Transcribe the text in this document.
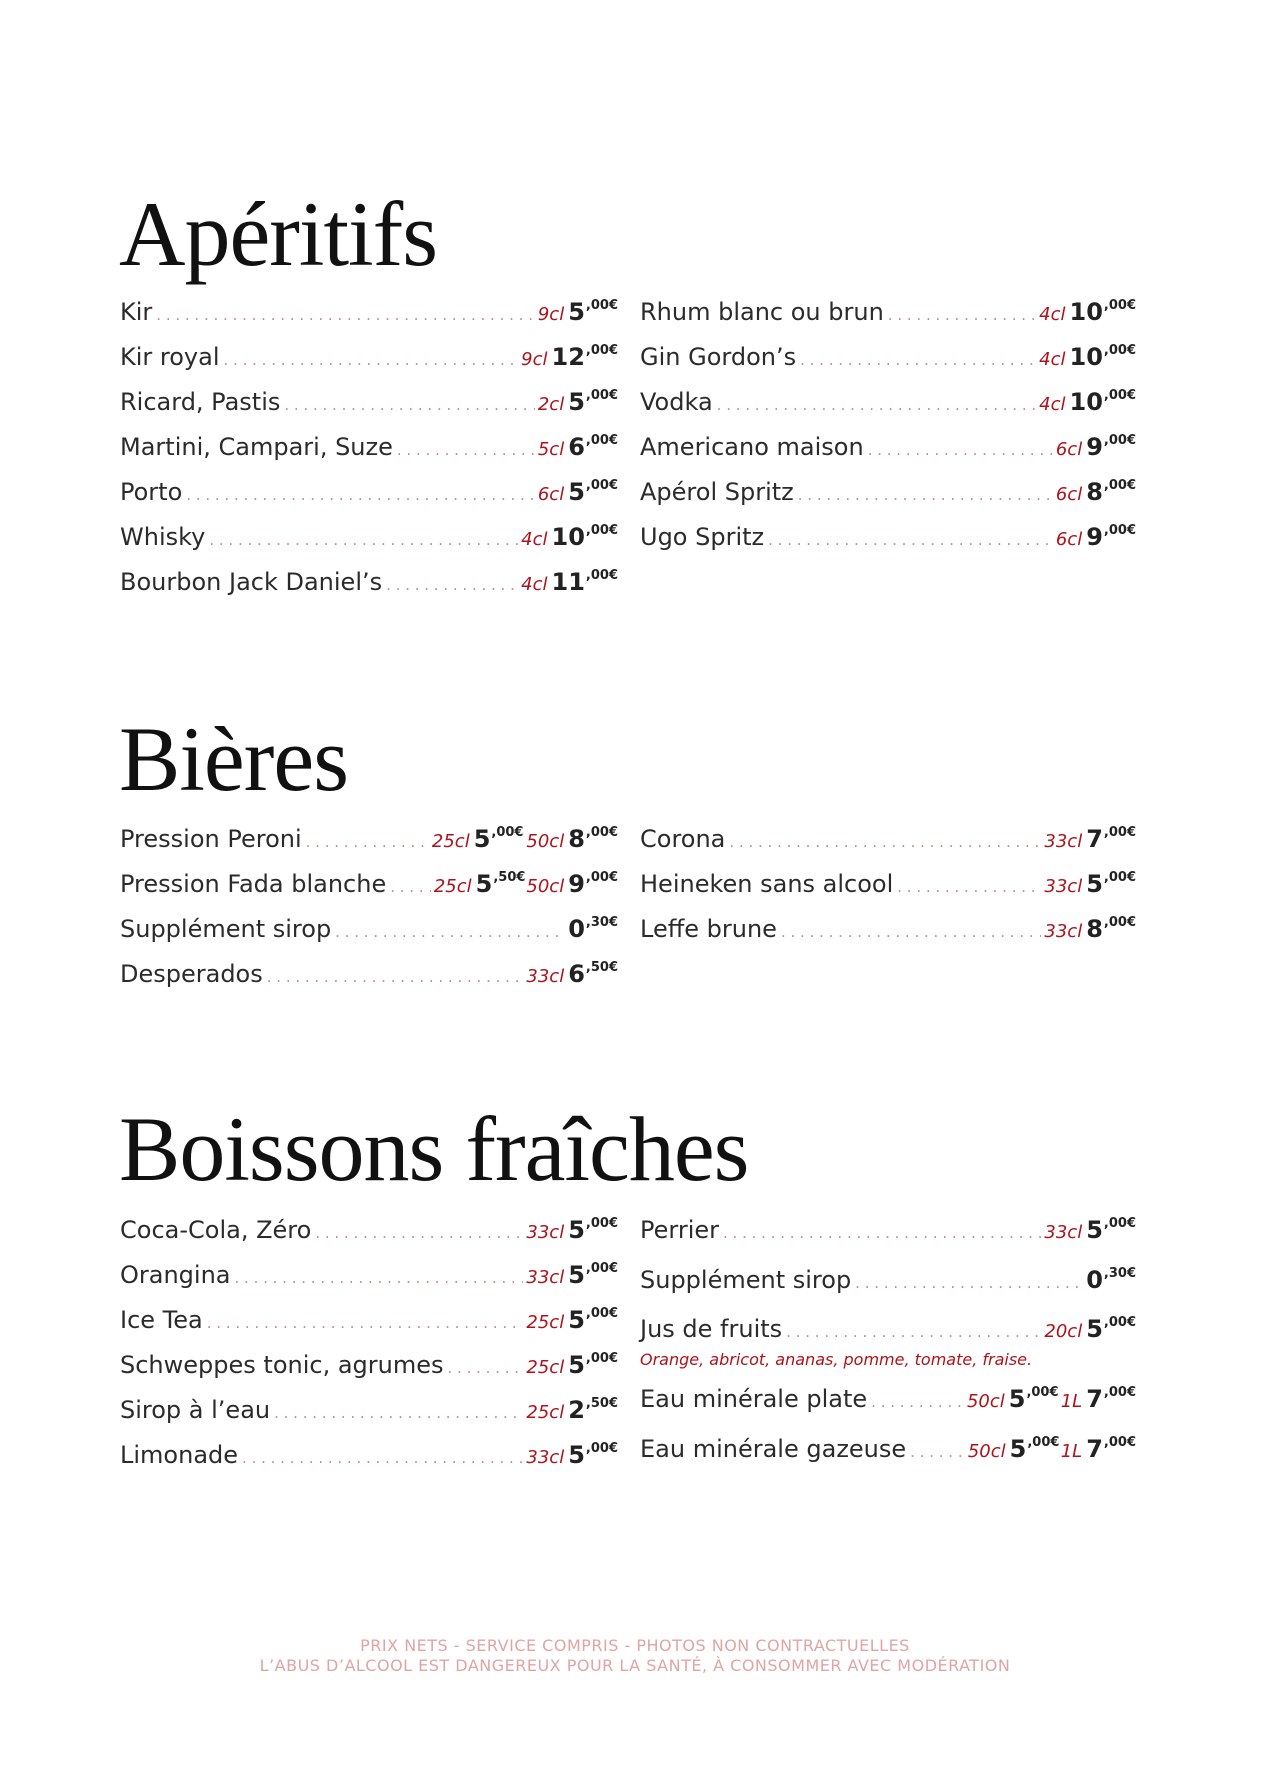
Apéritifs
Kir . . .	9cl 5 ,00€
Kir royal . . .	9cl 12 ,00€
Ricard, Pastis . . .	2cl 5 ,00€
Martini, Campari, Suze . . .	5cl 6 ,00€
Porto . . .	6cl 5 ,00€
Whisky . . .	4cl 10 ,00€
Bourbon Jack Daniel’s . . .	4cl 11 ,00€
Rhum blanc ou brun . . .	4cl 10 ,00€
Gin Gordon’s . . .	4cl 10 ,00€
Vodka . . .	4cl 10 ,00€
Americano maison . . .	6cl 9 ,00€
Apérol Spritz . . .	6cl 8 ,00€
Ugo Spritz . . .	6cl 9 ,00€
Bières
Pression Peroni . . .	25cl 5 ,00€ 50cl 8 ,00€
Pression Fada blanche . . .	25cl 5 ,50€ 50cl 9 ,00€
Supplément sirop . . .	0 ,30€
Desperados . . .	33cl 6 ,50€
Corona . . .	33cl 7 ,00€
Heineken sans alcool . . .	33cl 5 ,00€
Leffe brune . . .	33cl 8 ,00€
Boissons fraîches
Coca-Cola, Zéro . . .	33cl 5 ,00€
Orangina . . .	33cl 5 ,00€
Ice Tea . . .	25cl 5 ,00€
Schweppes tonic, agrumes . . .	25cl 5 ,00€
Sirop à l’eau . . .	25cl 2 ,50€
Limonade . . .	33cl 5 ,00€
Perrier . . .	33cl 5 ,00€
Supplément sirop . . .	0 ,30€
Jus de fruits . . .	20cl 5 ,00€
Orange, abricot, ananas, pomme, tomate, fraise.
Eau minérale plate . . .	50cl 5 ,00€ 1L 7 ,00€
Eau minérale gazeuse . . .	50cl 5 ,00€ 1L 7 ,00€
PRIX NETS - SERVICE COMPRIS - PHOTOS NON CONTRACTUELLES
L’ABUS D’ALCOOL EST DANGEREUX POUR LA SANTÉ, À CONSOMMER AVEC MODÉRATION
